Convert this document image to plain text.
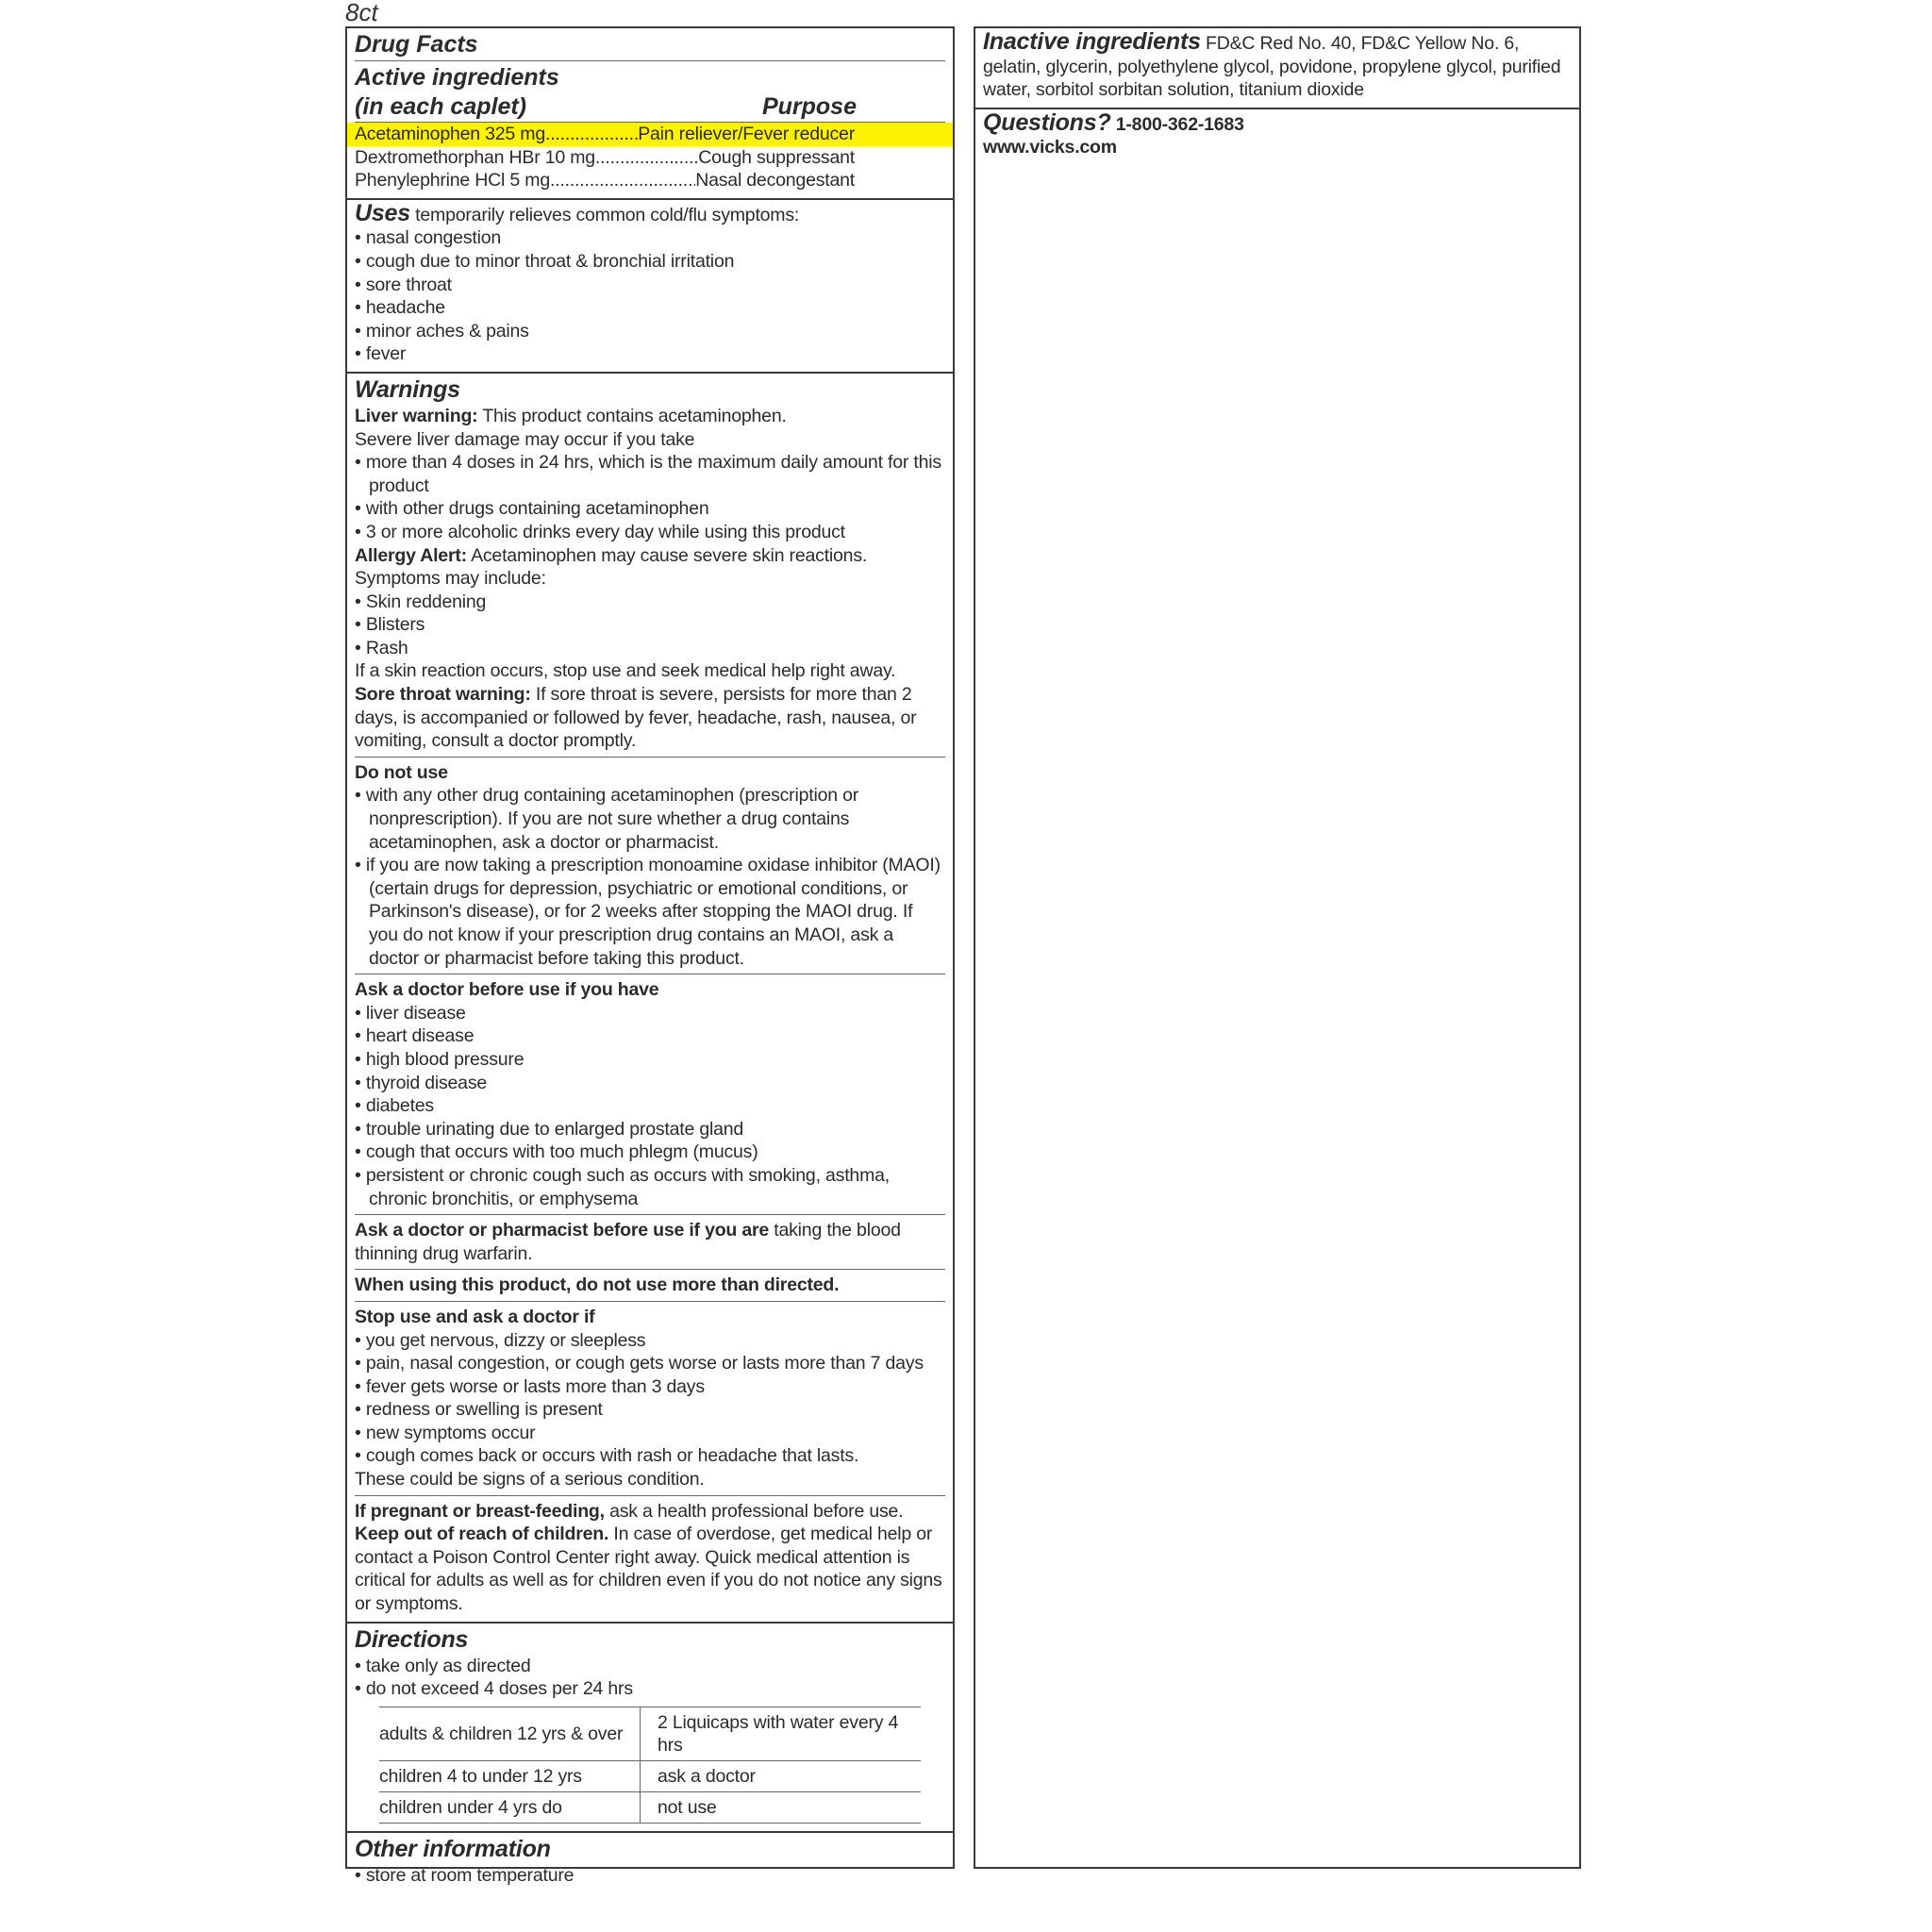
8ct
Drug Facts
Active ingredients
(in each caplet)	Purpose
Acetaminophen 325 mg .....	Pain reliever/Fever reducer
Dextromethorphan HBr 10 mg .....	Cough suppressant
Phenylephrine HCl 5 mg .....	Nasal decongestant
Uses temporarily relieves common cold/flu symptoms:
• nasal congestion
• cough due to minor throat & bronchial irritation
• sore throat
• headache
• minor aches & pains
• fever
Warnings
Liver warning: This product contains acetaminophen.
Severe liver damage may occur if you take
• more than 4 doses in 24 hrs, which is the maximum daily amount for this product
• with other drugs containing acetaminophen
• 3 or more alcoholic drinks every day while using this product
Allergy Alert: Acetaminophen may cause severe skin reactions.
Symptoms may include:
• Skin reddening
• Blisters
• Rash
If a skin reaction occurs, stop use and seek medical help right away.
Sore throat warning: If sore throat is severe, persists for more than 2 days, is accompanied or followed by fever, headache, rash, nausea, or vomiting, consult a doctor promptly.
Do not use
• with any other drug containing acetaminophen (prescription or nonprescription). If you are not sure whether a drug contains acetaminophen, ask a doctor or pharmacist.
• if you are now taking a prescription monoamine oxidase inhibitor (MAOI) (certain drugs for depression, psychiatric or emotional conditions, or Parkinson's disease), or for 2 weeks after stopping the MAOI drug. If you do not know if your prescription drug contains an MAOI, ask a doctor or pharmacist before taking this product.
Ask a doctor before use if you have
• liver disease
• heart disease
• high blood pressure
• thyroid disease
• diabetes
• trouble urinating due to enlarged prostate gland
• cough that occurs with too much phlegm (mucus)
• persistent or chronic cough such as occurs with smoking, asthma, chronic bronchitis, or emphysema
Ask a doctor or pharmacist before use if you are taking the blood thinning drug warfarin.
When using this product, do not use more than directed.
Stop use and ask a doctor if
• you get nervous, dizzy or sleepless
• pain, nasal congestion, or cough gets worse or lasts more than 7 days
• fever gets worse or lasts more than 3 days
• redness or swelling is present
• new symptoms occur
• cough comes back or occurs with rash or headache that lasts.
These could be signs of a serious condition.
If pregnant or breast-feeding, ask a health professional before use.
Keep out of reach of children. In case of overdose, get medical help or contact a Poison Control Center right away. Quick medical attention is critical for adults as well as for children even if you do not notice any signs or symptoms.
Directions
• take only as directed
• do not exceed 4 doses per 24 hrs
adults & children 12 yrs & over	2 Liquicaps with water every 4 hrs
children 4 to under 12 yrs	ask a doctor
children under 4 yrs do	not use
Other information
• store at room temperature
Inactive ingredients FD&C Red No. 40, FD&C Yellow No. 6, gelatin, glycerin, polyethylene glycol, povidone, propylene glycol, purified water, sorbitol sorbitan solution, titanium dioxide
Questions? 1-800-362-1683
www.vicks.com
